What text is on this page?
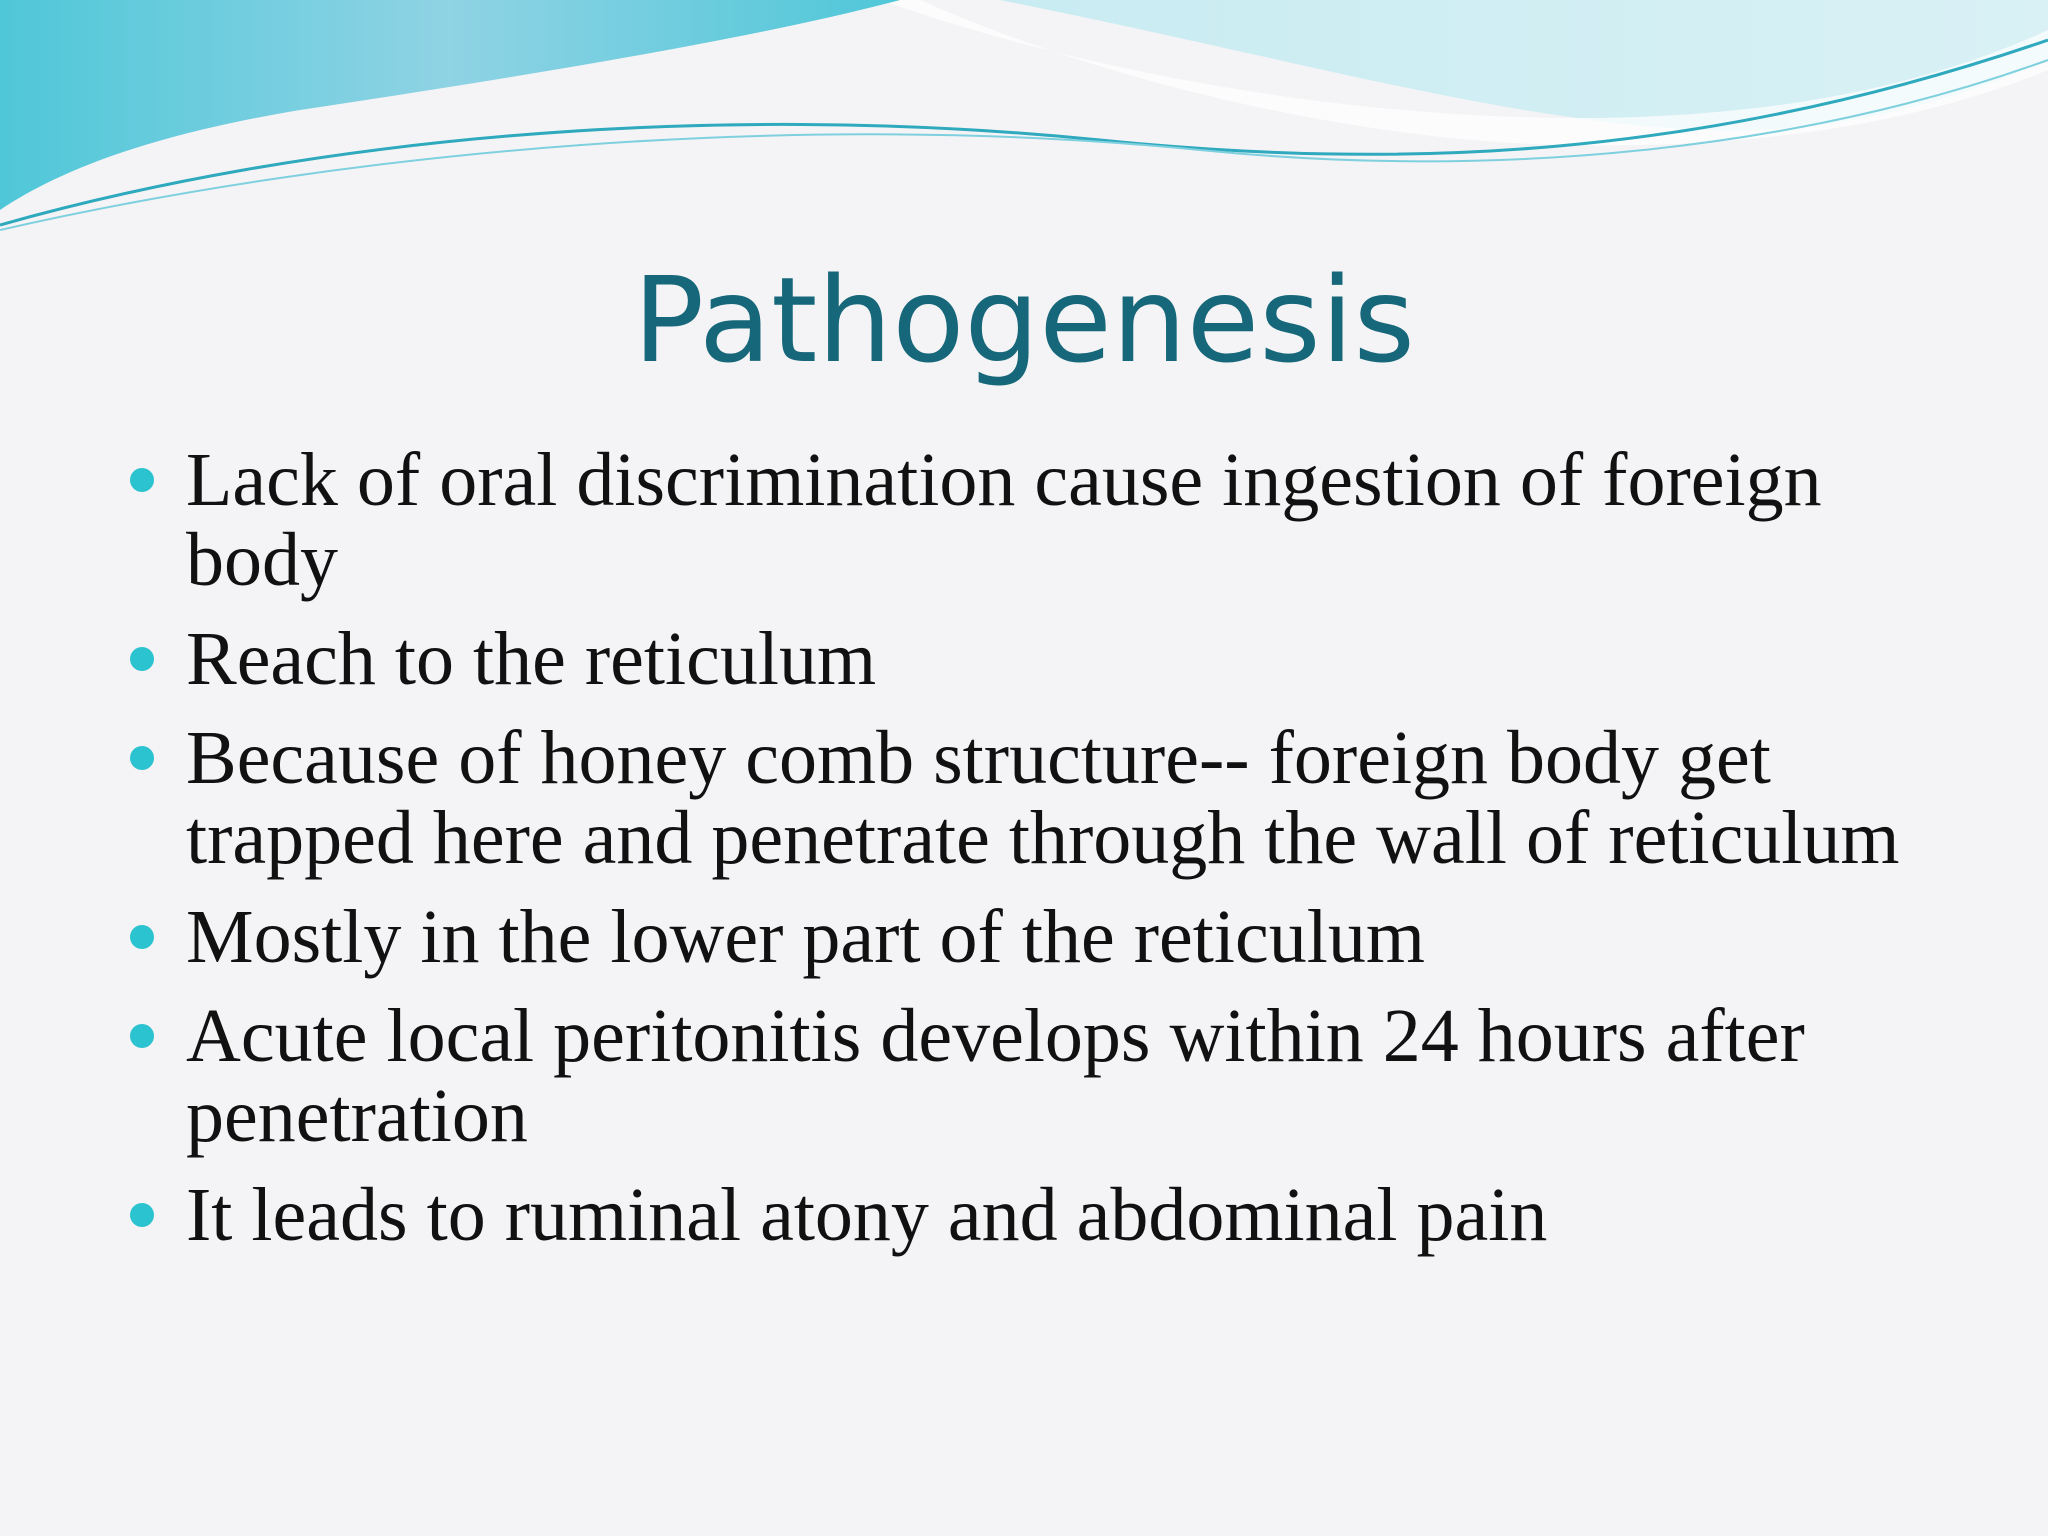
Pathogenesis
Lack of oral discrimination cause ingestion of foreign body
Reach to the reticulum
Because of honey comb structure-- foreign body get trapped here and penetrate through the wall of reticulum
Mostly in the lower part of the reticulum
Acute local peritonitis develops within 24 hours after penetration
It leads to ruminal atony and abdominal pain
